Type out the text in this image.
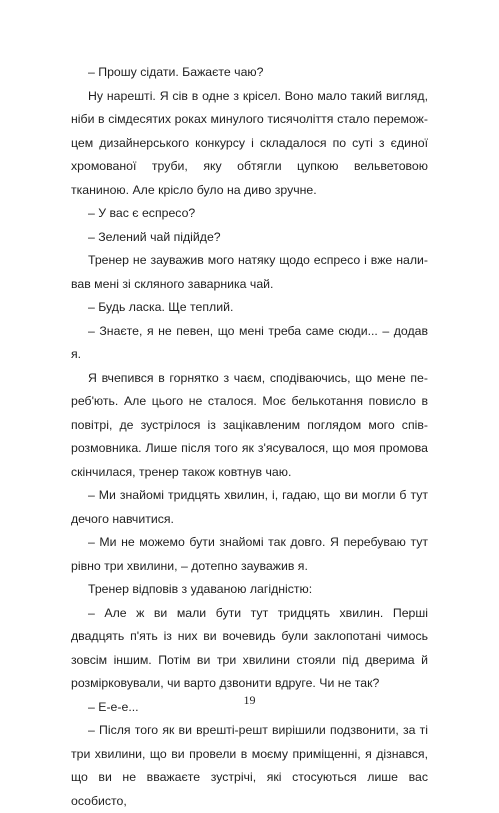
– Прошу сідати. Бажаєте чаю?

Ну нарешті. Я сів в одне з крісел. Воно мало такий вигляд, ніби в сімдесятих роках минулого тисячоліття стало переможцем дизайнерського конкурсу і складалося по суті з єдиної хромованої труби, яку обтягли цупкою вельветовою тканиною. Але крісло було на диво зручне.

– У вас є еспресо?

– Зелений чай підійде?

Тренер не зауважив мого натяку щодо еспресо і вже наливав мені зі скляного заварника чай.

– Будь ласка. Ще теплий.

– Знаєте, я не певен, що мені треба саме сюди... – додав я.

Я вчепився в горнятко з чаєм, сподіваючись, що мене переб'ють. Але цього не сталося. Моє белькотання повисло в повітрі, де зустрілося із зацікавленим поглядом мого співрозмовника. Лише після того як з'ясувалося, що моя промова скінчилася, тренер також ковтнув чаю.

– Ми знайомі тридцять хвилин, і, гадаю, що ви могли б тут дечого навчитися.

– Ми не можемо бути знайомі так довго. Я перебуваю тут рівно три хвилини, – дотепно зауважив я.

Тренер відповів з удаваною лагідністю:

– Але ж ви мали бути тут тридцять хвилин. Перші двадцять п'ять із них ви вочевидь були заклопотані чимось зовсім іншим. Потім ви три хвилини стояли під дверима й розмірковували, чи варто дзвонити вдруге. Чи не так?

– Е-е-е...

– Після того як ви врешті-решт вирішили подзвонити, за ті три хвилини, що ви провели в моєму приміщенні, я дізнався, що ви не вважаєте зустрічі, які стосуються лише вас особисто,

19
